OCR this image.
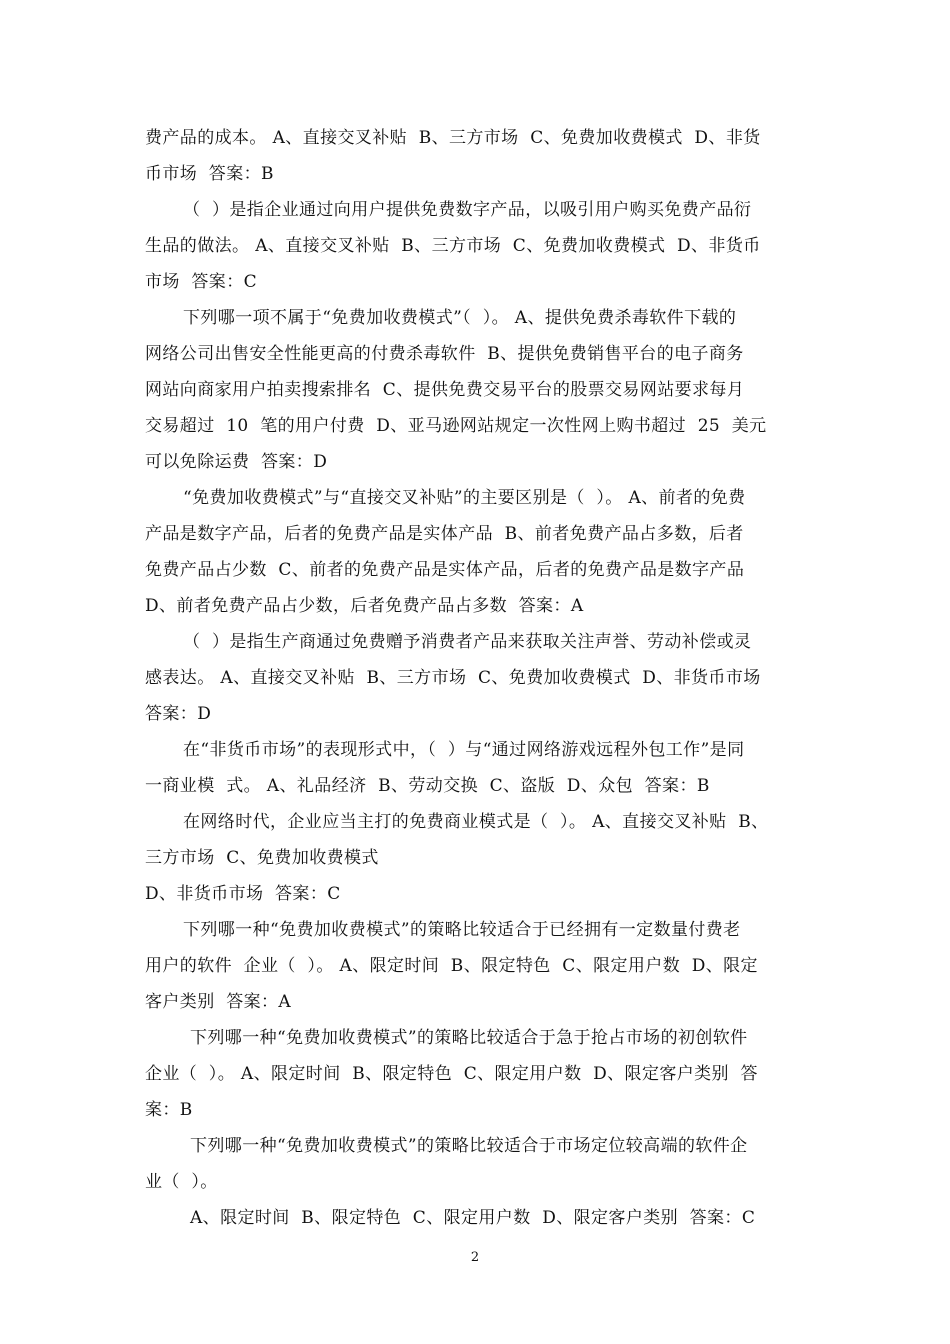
费产品的成本。 A、直接交叉补贴  B、三方市场  C、免费加收费模式  D、非货
币市场  答案：B
（  ）是指企业通过向用户提供免费数字产品，以吸引用户购买免费产品衍
生品的做法。 A、直接交叉补贴  B、三方市场  C、免费加收费模式  D、非货币
市场  答案：C
下列哪一项不属于“免费加收费模式”（  ）。 A、提供免费杀毒软件下载的
网络公司出售安全性能更高的付费杀毒软件  B、提供免费销售平台的电子商务
网站向商家用户拍卖搜索排名  C、提供免费交易平台的股票交易网站要求每月
交易超过  10  笔的用户付费  D、亚马逊网站规定一次性网上购书超过  25  美元
可以免除运费  答案：D
“免费加收费模式”与“直接交叉补贴”的主要区别是（  ）。 A、前者的免费
产品是数字产品，后者的免费产品是实体产品  B、前者免费产品占多数，后者
免费产品占少数  C、前者的免费产品是实体产品，后者的免费产品是数字产品
D、前者免费产品占少数，后者免费产品占多数  答案：A
（  ）是指生产商通过免费赠予消费者产品来获取关注声誉、劳动补偿或灵
感表达。 A、直接交叉补贴  B、三方市场  C、免费加收费模式  D、非货币市场
答案：D
在“非货币市场”的表现形式中，（  ）与“通过网络游戏远程外包工作”是同
一商业模  式。 A、礼品经济  B、劳动交换  C、盗版  D、众包  答案：B
在网络时代，企业应当主打的免费商业模式是（  ）。 A、直接交叉补贴  B、
三方市场  C、免费加收费模式
D、非货币市场  答案：C
下列哪一种“免费加收费模式”的策略比较适合于已经拥有一定数量付费老
用户的软件  企业（  ）。 A、限定时间  B、限定特色  C、限定用户数  D、限定
客户类别  答案：A
下列哪一种“免费加收费模式”的策略比较适合于急于抢占市场的初创软件
企业（  ）。 A、限定时间  B、限定特色  C、限定用户数  D、限定客户类别  答
案：B
下列哪一种“免费加收费模式”的策略比较适合于市场定位较高端的软件企
业（  ）。
A、限定时间  B、限定特色  C、限定用户数  D、限定客户类别  答案：C
2
